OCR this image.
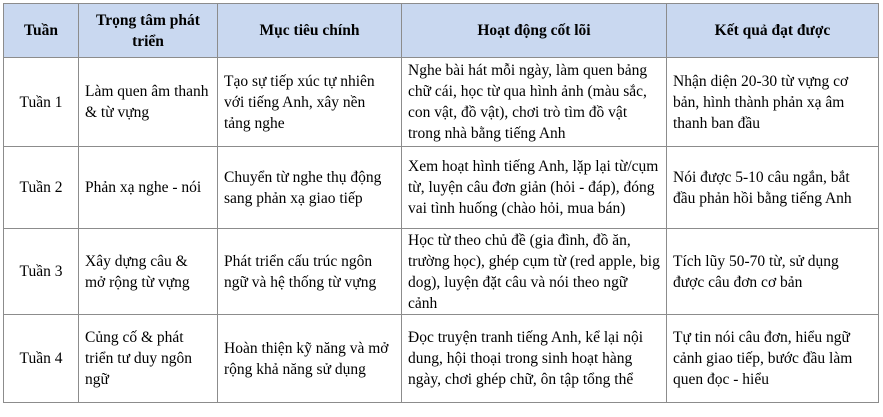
Tuần	Trọng tâm phát triển	Mục tiêu chính	Hoạt động cốt lõi	Kết quả đạt được
Tuần 1	Làm quen âm thanh & từ vựng	Tạo sự tiếp xúc tự nhiên với tiếng Anh, xây nền tảng nghe	Nghe bài hát mỗi ngày, làm quen bảng chữ cái, học từ qua hình ảnh (màu sắc, con vật, đồ vật), chơi trò tìm đồ vật trong nhà bằng tiếng Anh	Nhận diện 20-30 từ vựng cơ bản, hình thành phản xạ âm thanh ban đầu
Tuần 2	Phản xạ nghe - nói	Chuyển từ nghe thụ động sang phản xạ giao tiếp	Xem hoạt hình tiếng Anh, lặp lại từ/cụm từ, luyện câu đơn giản (hỏi - đáp), đóng vai tình huống (chào hỏi, mua bán)	Nói được 5-10 câu ngắn, bắt đầu phản hồi bằng tiếng Anh
Tuần 3	Xây dựng câu & mở rộng từ vựng	Phát triển cấu trúc ngôn ngữ và hệ thống từ vựng	Học từ theo chủ đề (gia đình, đồ ăn, trường học), ghép cụm từ (red apple, big dog), luyện đặt câu và nói theo ngữ cảnh	Tích lũy 50-70 từ, sử dụng được câu đơn cơ bản
Tuần 4	Củng cố & phát triển tư duy ngôn ngữ	Hoàn thiện kỹ năng và mở rộng khả năng sử dụng	Đọc truyện tranh tiếng Anh, kể lại nội dung, hội thoại trong sinh hoạt hàng ngày, chơi ghép chữ, ôn tập tổng thể	Tự tin nói câu đơn, hiểu ngữ cảnh giao tiếp, bước đầu làm quen đọc - hiểu
